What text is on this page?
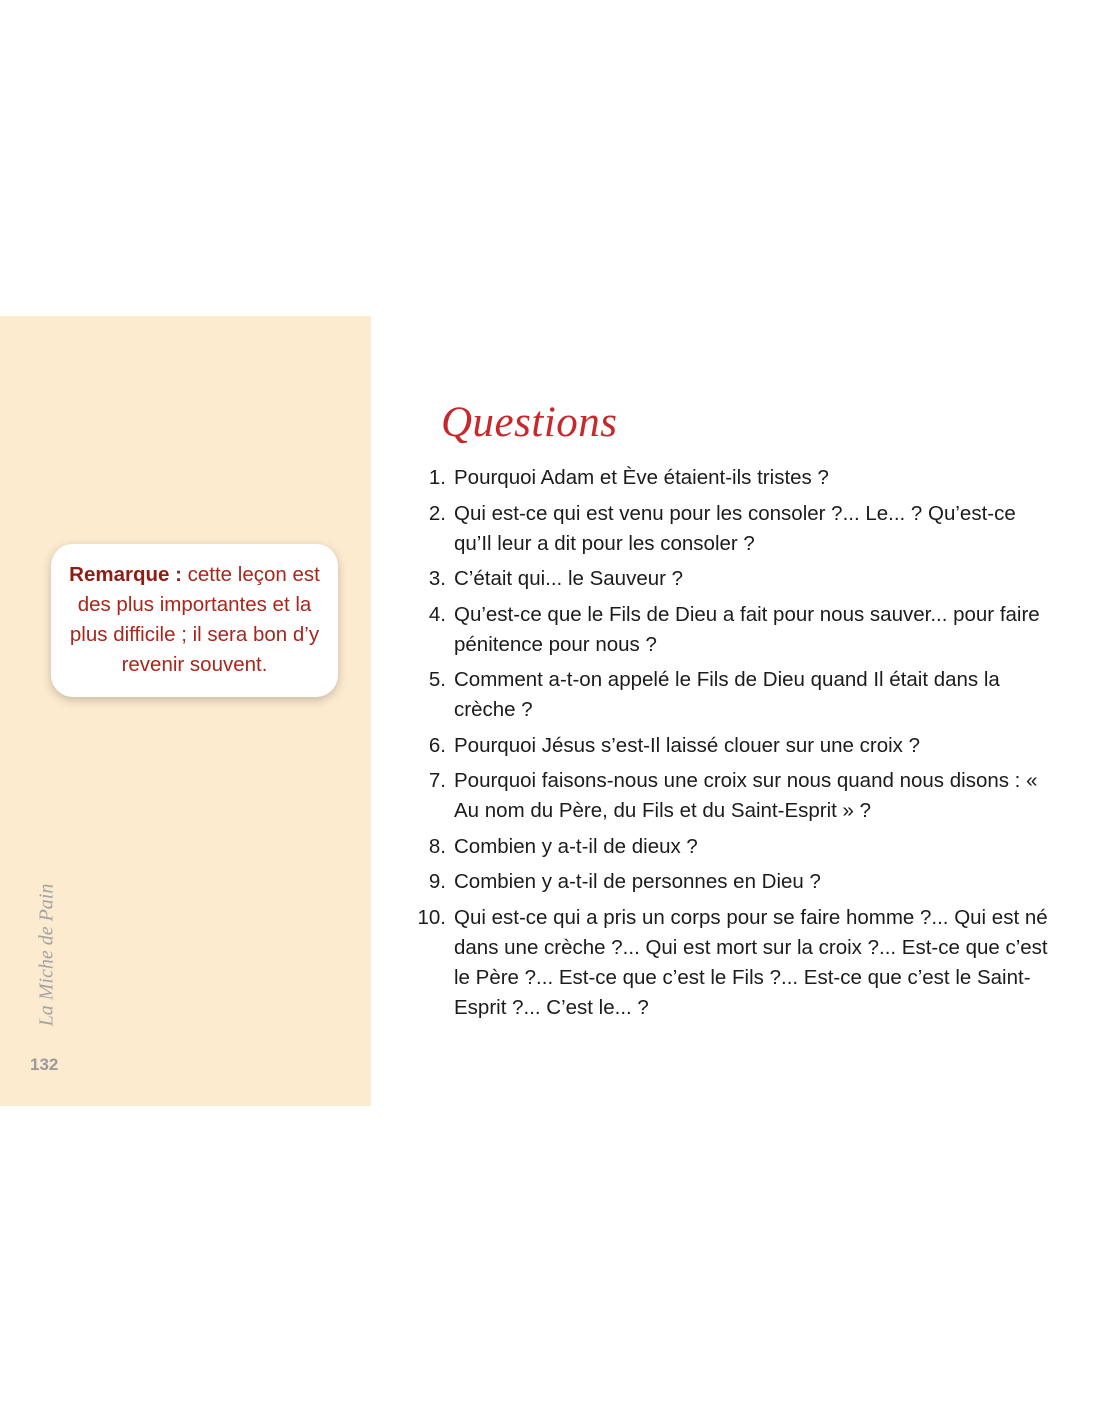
Remarque : cette leçon est des plus importantes et la plus difficile ; il sera bon d’y revenir souvent.
La Miche de Pain
132
Questions
1. Pourquoi Adam et Ève étaient-ils tristes ?
2. Qui est-ce qui est venu pour les consoler ?... Le... ? Qu’est-ce qu’Il leur a dit pour les consoler ?
3. C’était qui... le Sauveur ?
4. Qu’est-ce que le Fils de Dieu a fait pour nous sauver... pour faire pénitence pour nous ?
5. Comment a-t-on appelé le Fils de Dieu quand Il était dans la crèche ?
6. Pourquoi Jésus s’est-Il laissé clouer sur une croix ?
7. Pourquoi faisons-nous une croix sur nous quand nous disons : « Au nom du Père, du Fils et du Saint-Esprit » ?
8. Combien y a-t-il de dieux ?
9. Combien y a-t-il de personnes en Dieu ?
10. Qui est-ce qui a pris un corps pour se faire homme ?... Qui est né dans une crèche ?... Qui est mort sur la croix ?... Est-ce que c’est le Père ?... Est-ce que c’est le Fils ?... Est-ce que c’est le Saint-Esprit ?... C’est le... ?
